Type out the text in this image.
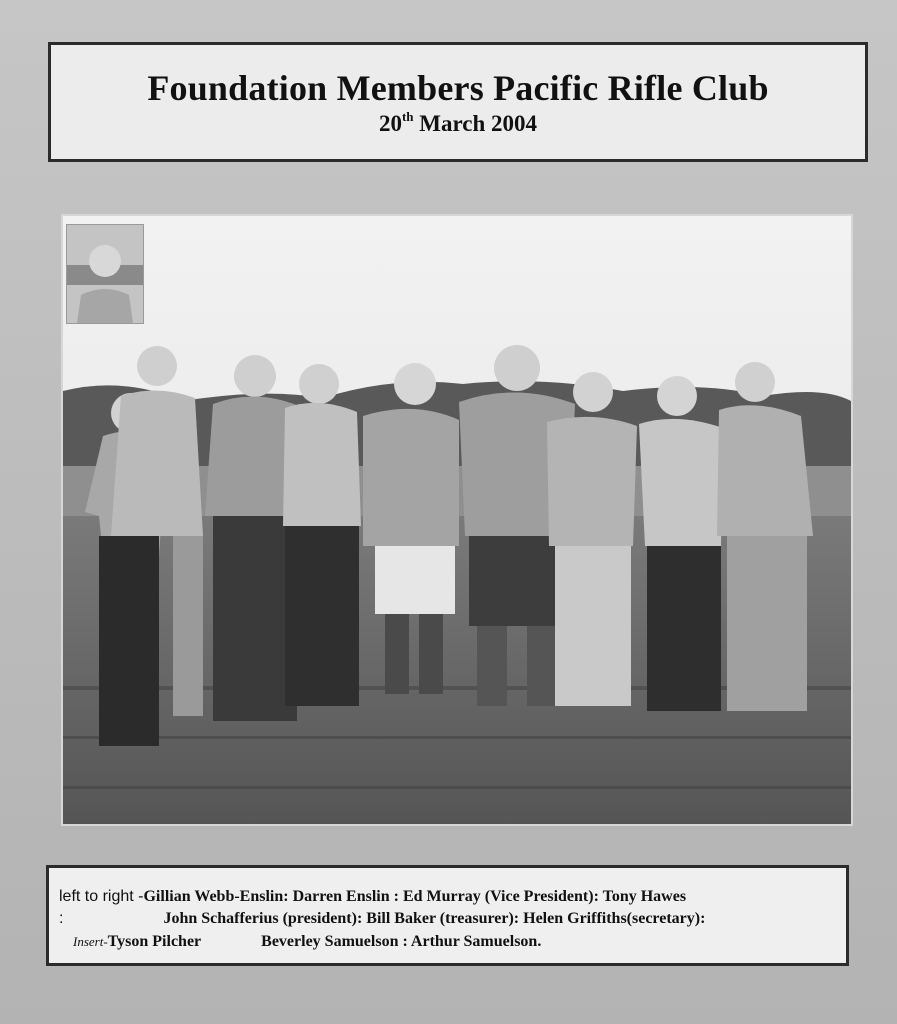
Foundation Members Pacific Rifle Club
20th March 2004
left to right -Gillian Webb-Enslin: Darren Enslin : Ed Murray (Vice President): Tony Hawes
:	John Schafferius (president): Bill Baker (treasurer): Helen Griffiths(secretary):
Insert-Tyson Pilcher	Beverley Samuelson : Arthur Samuelson.
